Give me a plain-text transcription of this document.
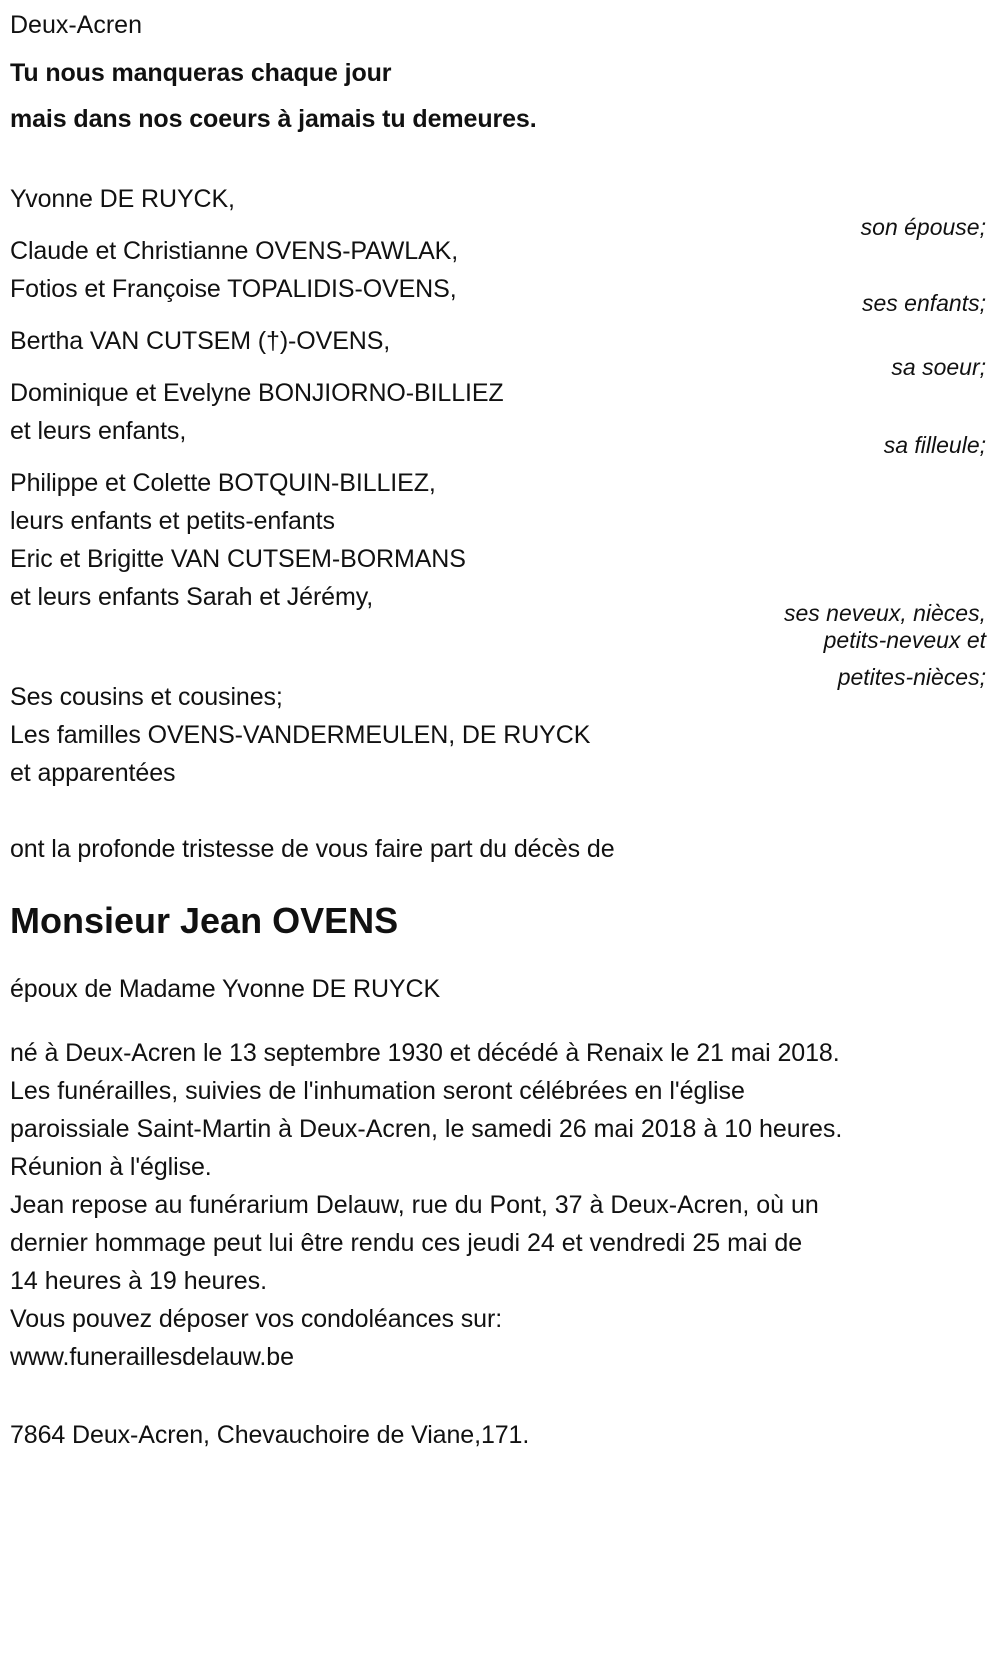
Deux-Acren
Tu nous manqueras chaque jour
mais dans nos coeurs à jamais tu demeures.
Yvonne DE RUYCK,
son épouse;
Claude et Christianne OVENS-PAWLAK,
Fotios et Françoise TOPALIDIS-OVENS,	ses enfants;
Bertha VAN CUTSEM (†)-OVENS,
sa soeur;
Dominique et Evelyne BONJIORNO-BILLIEZ
et leurs enfants,	sa filleule;
Philippe et Colette BOTQUIN-BILLIEZ,
leurs enfants et petits-enfants
Eric et Brigitte VAN CUTSEM-BORMANS
et leurs enfants Sarah et Jérémy,
ses neveux, nièces,
petits-neveux et
petites-nièces;
Ses cousins et cousines;
Les familles OVENS-VANDERMEULEN, DE RUYCK
et apparentées
ont la profonde tristesse de vous faire part du décès de
Monsieur Jean OVENS
époux de Madame Yvonne DE RUYCK
né à Deux-Acren le 13 septembre 1930 et décédé à Renaix le 21 mai 2018.
Les funérailles, suivies de l'inhumation seront célébrées en l'église
paroissiale Saint-Martin à Deux-Acren, le samedi 26 mai 2018 à 10 heures.
Réunion à l'église.
Jean repose au funérarium Delauw, rue du Pont, 37 à Deux-Acren, où un
dernier hommage peut lui être rendu ces jeudi 24 et vendredi 25 mai de
14 heures à 19 heures.
Vous pouvez déposer vos condoléances sur:
www.funeraillesdelauw.be
7864 Deux-Acren, Chevauchoire de Viane,171.
